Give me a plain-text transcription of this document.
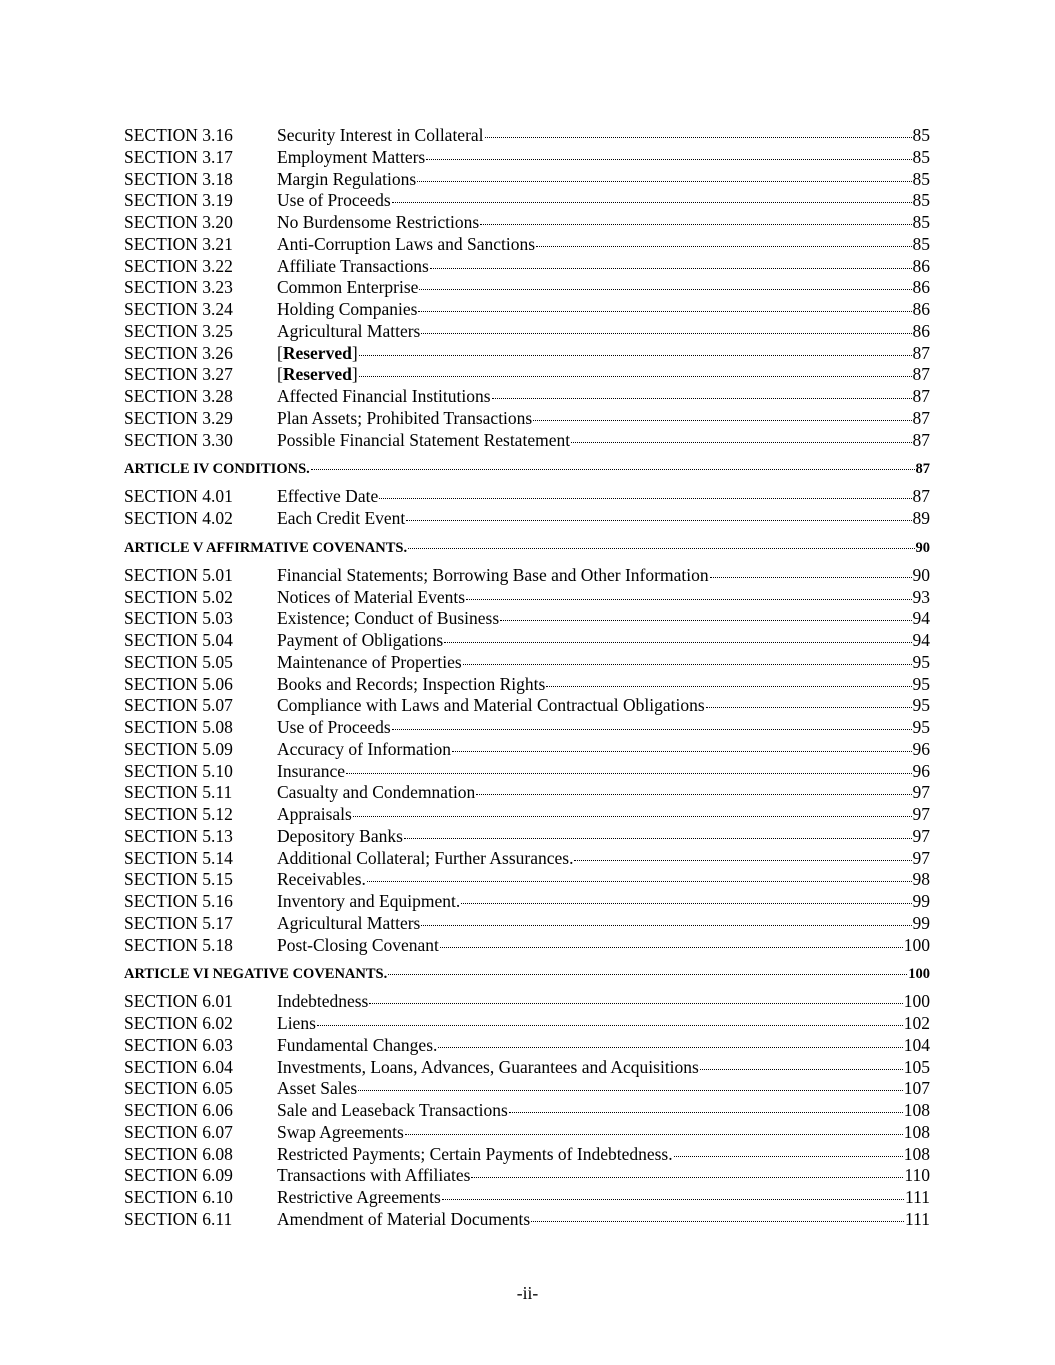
SECTION 3.16	Security Interest in Collateral	85
SECTION 3.17	Employment Matters	85
SECTION 3.18	Margin Regulations	85
SECTION 3.19	Use of Proceeds	85
SECTION 3.20	No Burdensome Restrictions	85
SECTION 3.21	Anti-Corruption Laws and Sanctions	85
SECTION 3.22	Affiliate Transactions	86
SECTION 3.23	Common Enterprise	86
SECTION 3.24	Holding Companies	86
SECTION 3.25	Agricultural Matters	86
SECTION 3.26	[Reserved]	87
SECTION 3.27	[Reserved]	87
SECTION 3.28	Affected Financial Institutions	87
SECTION 3.29	Plan Assets; Prohibited Transactions	87
SECTION 3.30	Possible Financial Statement Restatement	87
ARTICLE IV CONDITIONS.	87
SECTION 4.01	Effective Date	87
SECTION 4.02	Each Credit Event	89
ARTICLE V AFFIRMATIVE COVENANTS.	90
SECTION 5.01	Financial Statements; Borrowing Base and Other Information	90
SECTION 5.02	Notices of Material Events	93
SECTION 5.03	Existence; Conduct of Business	94
SECTION 5.04	Payment of Obligations	94
SECTION 5.05	Maintenance of Properties	95
SECTION 5.06	Books and Records; Inspection Rights	95
SECTION 5.07	Compliance with Laws and Material Contractual Obligations	95
SECTION 5.08	Use of Proceeds	95
SECTION 5.09	Accuracy of Information	96
SECTION 5.10	Insurance	96
SECTION 5.11	Casualty and Condemnation	97
SECTION 5.12	Appraisals	97
SECTION 5.13	Depository Banks	97
SECTION 5.14	Additional Collateral; Further Assurances.	97
SECTION 5.15	Receivables.	98
SECTION 5.16	Inventory and Equipment.	99
SECTION 5.17	Agricultural Matters	99
SECTION 5.18	Post-Closing Covenant	100
ARTICLE VI NEGATIVE COVENANTS.	100
SECTION 6.01	Indebtedness	100
SECTION 6.02	Liens	102
SECTION 6.03	Fundamental Changes.	104
SECTION 6.04	Investments, Loans, Advances, Guarantees and Acquisitions	105
SECTION 6.05	Asset Sales	107
SECTION 6.06	Sale and Leaseback Transactions	108
SECTION 6.07	Swap Agreements	108
SECTION 6.08	Restricted Payments; Certain Payments of Indebtedness.	108
SECTION 6.09	Transactions with Affiliates	110
SECTION 6.10	Restrictive Agreements	111
SECTION 6.11	Amendment of Material Documents	111
-ii-
